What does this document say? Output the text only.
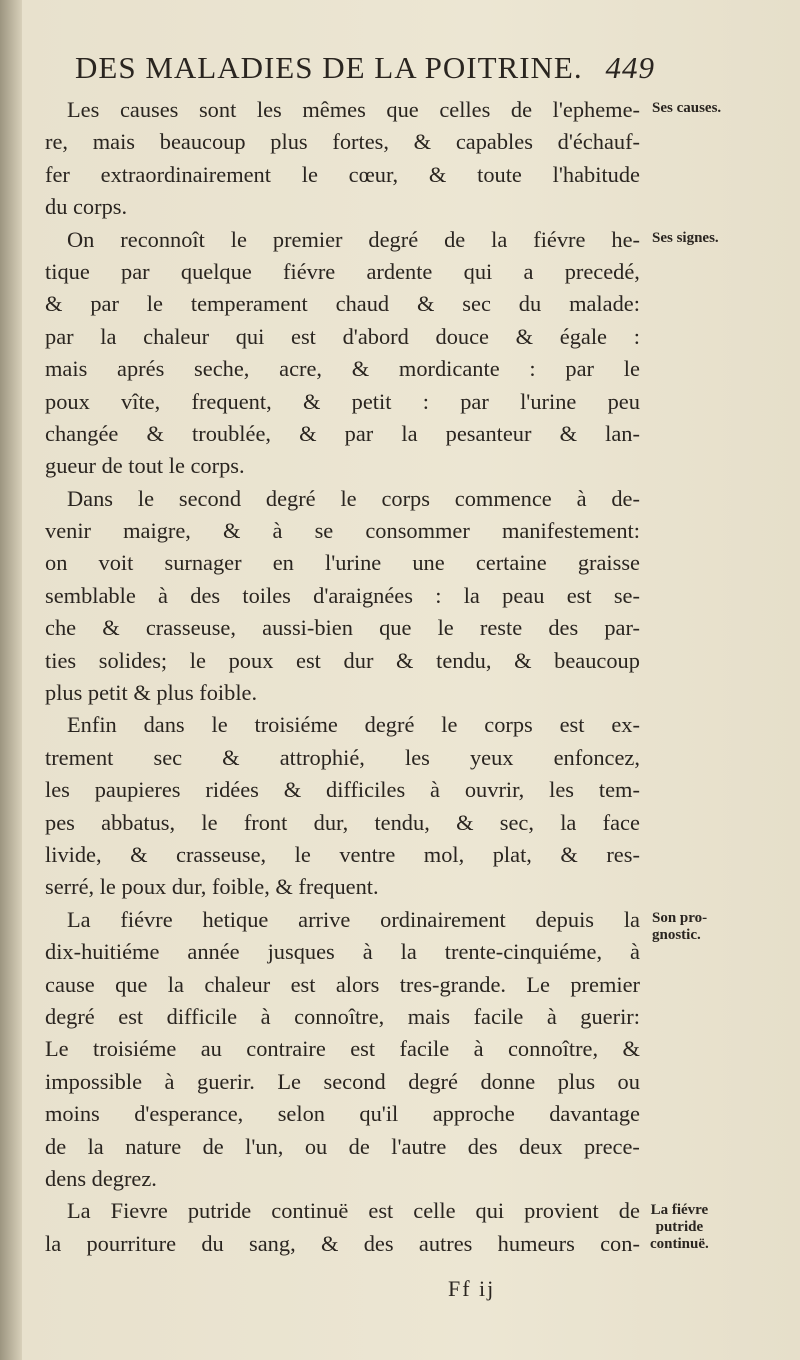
DES MALADIES DE LA POITRINE. 449
Les causes sont les mêmes que celles de l'epheme-
re, mais beaucoup plus fortes, & capables d'échauf-
fer extraordinairement le cœur, & toute l'habitude
du corps.
On reconnoît le premier degré de la fiévre he-
tique par quelque fiévre ardente qui a precedé,
& par le temperament chaud & sec du malade:
par la chaleur qui est d'abord douce & égale :
mais aprés seche, acre, & mordicante : par le
poux vîte, frequent, & petit : par l'urine peu
changée & troublée, & par la pesanteur & lan-
gueur de tout le corps.
Dans le second degré le corps commence à de-
venir maigre, & à se consommer manifestement:
on voit surnager en l'urine une certaine graisse
semblable à des toiles d'araignées : la peau est se-
che & crasseuse, aussi-bien que le reste des par-
ties solides; le poux est dur & tendu, & beaucoup
plus petit & plus foible.
Enfin dans le troisiéme degré le corps est ex-
trement sec & attrophié, les yeux enfoncez,
les paupieres ridées & difficiles à ouvrir, les tem-
pes abbatus, le front dur, tendu, & sec, la face
livide, & crasseuse, le ventre mol, plat, & res-
serré, le poux dur, foible, & frequent.
La fiévre hetique arrive ordinairement depuis la
dix-huitiéme année jusques à la trente-cinquiéme, à
cause que la chaleur est alors tres-grande. Le premier
degré est difficile à connoître, mais facile à guerir:
Le troisiéme au contraire est facile à connoître, &
impossible à guerir. Le second degré donne plus ou
moins d'esperance, selon qu'il approche davantage
de la nature de l'un, ou de l'autre des deux prece-
dens degrez.
La Fievre putride continuë est celle qui provient de
la pourriture du sang, & des autres humeurs con-
Ses causes.
Ses signes.
Son pro-
gnostic.
La fiévre
putride
continuë.
Ff ij
